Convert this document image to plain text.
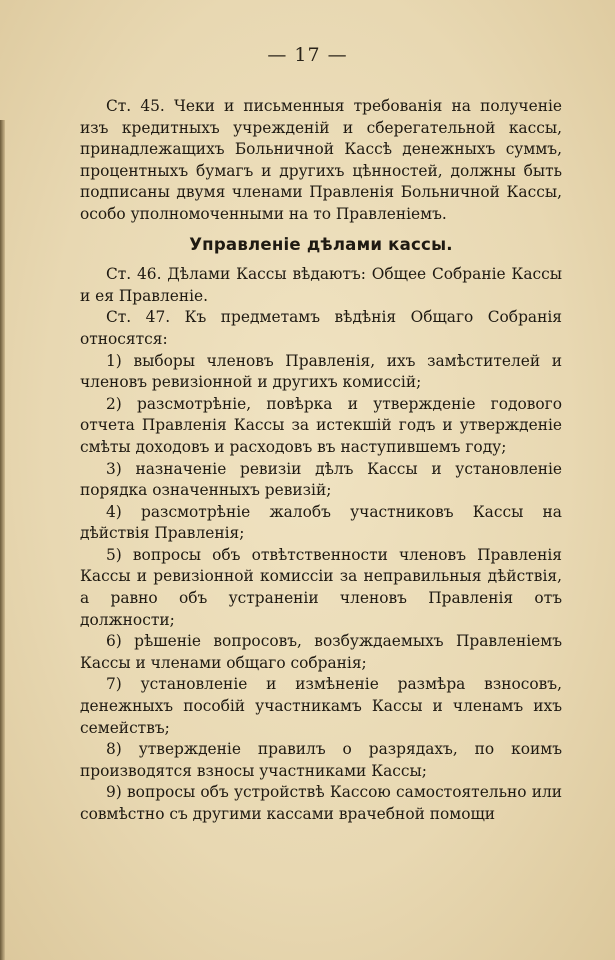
— 17 —

Ст. 45. Чеки и письменныя требованія на полученіе изъ кредитныхъ учрежденій и сберегательной кассы, принадлежащихъ Больничной Кассѣ денежныхъ суммъ, процентныхъ бумагъ и другихъ цѣнностей, должны быть подписаны двумя членами Правленія Больничной Кассы, особо уполномоченными на то Правленіемъ.

Управленіе дѣлами кассы.

Ст. 46. Дѣлами Кассы вѣдаютъ: Общее Собраніе Кассы и ея Правленіе.

Ст. 47. Къ предметамъ вѣдѣнія Общаго Собранія относятся:

1) выборы членовъ Правленія, ихъ замѣстителей и членовъ ревизіонной и другихъ комиссій;

2) разсмотрѣніе, повѣрка и утвержденіе годового отчета Правленія Кассы за истекшій годъ и утвержденіе смѣты доходовъ и расходовъ въ наступившемъ году;

3) назначеніе ревизіи дѣлъ Кассы и установленіе порядка означенныхъ ревизій;

4) разсмотрѣніе жалобъ участниковъ Кассы на дѣйствія Правленія;

5) вопросы объ отвѣтственности членовъ Правленія Кассы и ревизіонной комиссіи за неправильныя дѣйствія, а равно объ устраненіи членовъ Правленія отъ должности;

6) рѣшеніе вопросовъ, возбуждаемыхъ Правленіемъ Кассы и членами общаго собранія;

7) установленіе и измѣненіе размѣра взносовъ, денежныхъ пособій участникамъ Кассы и членамъ ихъ семействъ;

8) утвержденіе правилъ о разрядахъ, по коимъ производятся взносы участниками Кассы;

9) вопросы объ устройствѣ Кассою самостоятельно или совмѣстно съ другими кассами врачебной помощи
